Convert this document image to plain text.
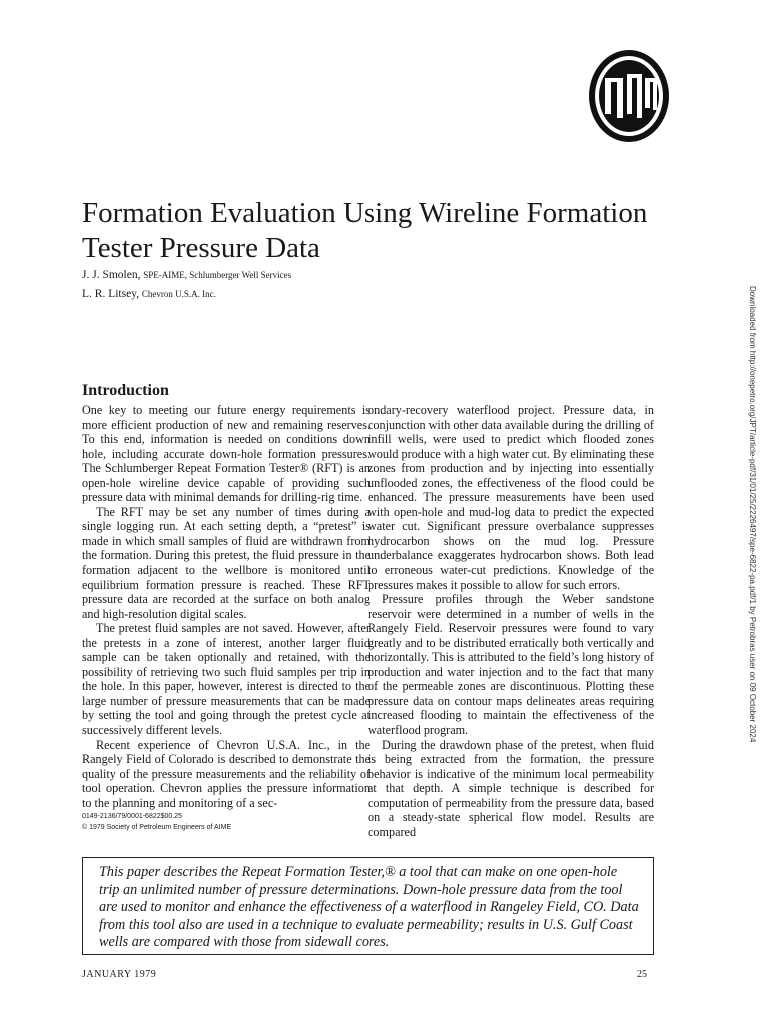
Formation Evaluation Using Wireline Formation Tester Pressure Data
J. J. Smolen, SPE-AIME, Schlumberger Well Services
L. R. Litsey, Chevron U.S.A. Inc.	Downloaded from http://onepetro.org/JPT/article-pdf/31/01/25/2226497/spe-6822-pa.pdf/1 by Petrobras user on 09 October 2024
Introduction

One key to meeting our future energy requirements is more efficient production of new and remaining reserves. To this end, information is needed on conditions down hole, including accurate down-hole formation pressures. The Schlumberger Repeat Formation Tester® (RFT) is an open-hole wireline device capable of providing such pressure data with minimal demands for drilling-rig time.

The RFT may be set any number of times during a single logging run. At each setting depth, a “pretest” is made in which small samples of fluid are withdrawn from the formation. During this pretest, the fluid pressure in the formation adjacent to the wellbore is monitored until equilibrium formation pressure is reached. These RFT pressure data are recorded at the surface on both analog and high-resolution digital scales.

The pretest fluid samples are not saved. However, after the pretests in a zone of interest, another larger fluid sample can be taken optionally and retained, with the possibility of retrieving two such fluid samples per trip in the hole. In this paper, however, interest is directed to the large number of pressure measurements that can be made by setting the tool and going through the pretest cycle at successively different levels.

Recent experience of Chevron U.S.A. Inc., in the Rangely Field of Colorado is described to demonstrate the quality of the pressure measurements and the reliability of tool operation. Chevron applies the pressure information to the planning and monitoring of a sec-

ondary-recovery waterflood project. Pressure data, in conjunction with other data available during the drilling of infill wells, were used to predict which flooded zones would produce with a high water cut. By eliminating these zones from production and by injecting into essentially unflooded zones, the effectiveness of the flood could be enhanced. The pressure measurements have been used with open-hole and mud-log data to predict the expected water cut. Significant pressure overbalance suppresses hydrocarbon shows on the mud log. Pressure underbalance exaggerates hydrocarbon shows. Both lead to erroneous water-cut predictions. Knowledge of the pressures makes it possible to allow for such errors.

Pressure profiles through the Weber sandstone reservoir were determined in a number of wells in the Rangely Field. Reservoir pressures were found to vary greatly and to be distributed erratically both vertically and horizontally. This is attributed to the field’s long history of production and water injection and to the fact that many of the permeable zones are discontinuous. Plotting these pressure data on contour maps delineates areas requiring increased flooding to maintain the effectiveness of the waterflood program.

During the drawdown phase of the pretest, when fluid is being extracted from the formation, the pressure behavior is indicative of the minimum local permeability at that depth. A simple technique is described for computation of permeability from the pressure data, based on a steady-state spherical flow model. Results are compared

0149-2136/79/0001-6822$00.25
© 1979 Society of Petroleum Engineers of AIME
This paper describes the Repeat Formation Tester,® a tool that can make on one open-hole trip an unlimited number of pressure determinations. Down-hole pressure data from the tool are used to monitor and enhance the effectiveness of a waterflood in Rangeley Field, CO. Data from this tool also are used in a technique to evaluate permeability; results in U.S. Gulf Coast wells are compared with those from sidewall cores.
JANUARY 1979	25
